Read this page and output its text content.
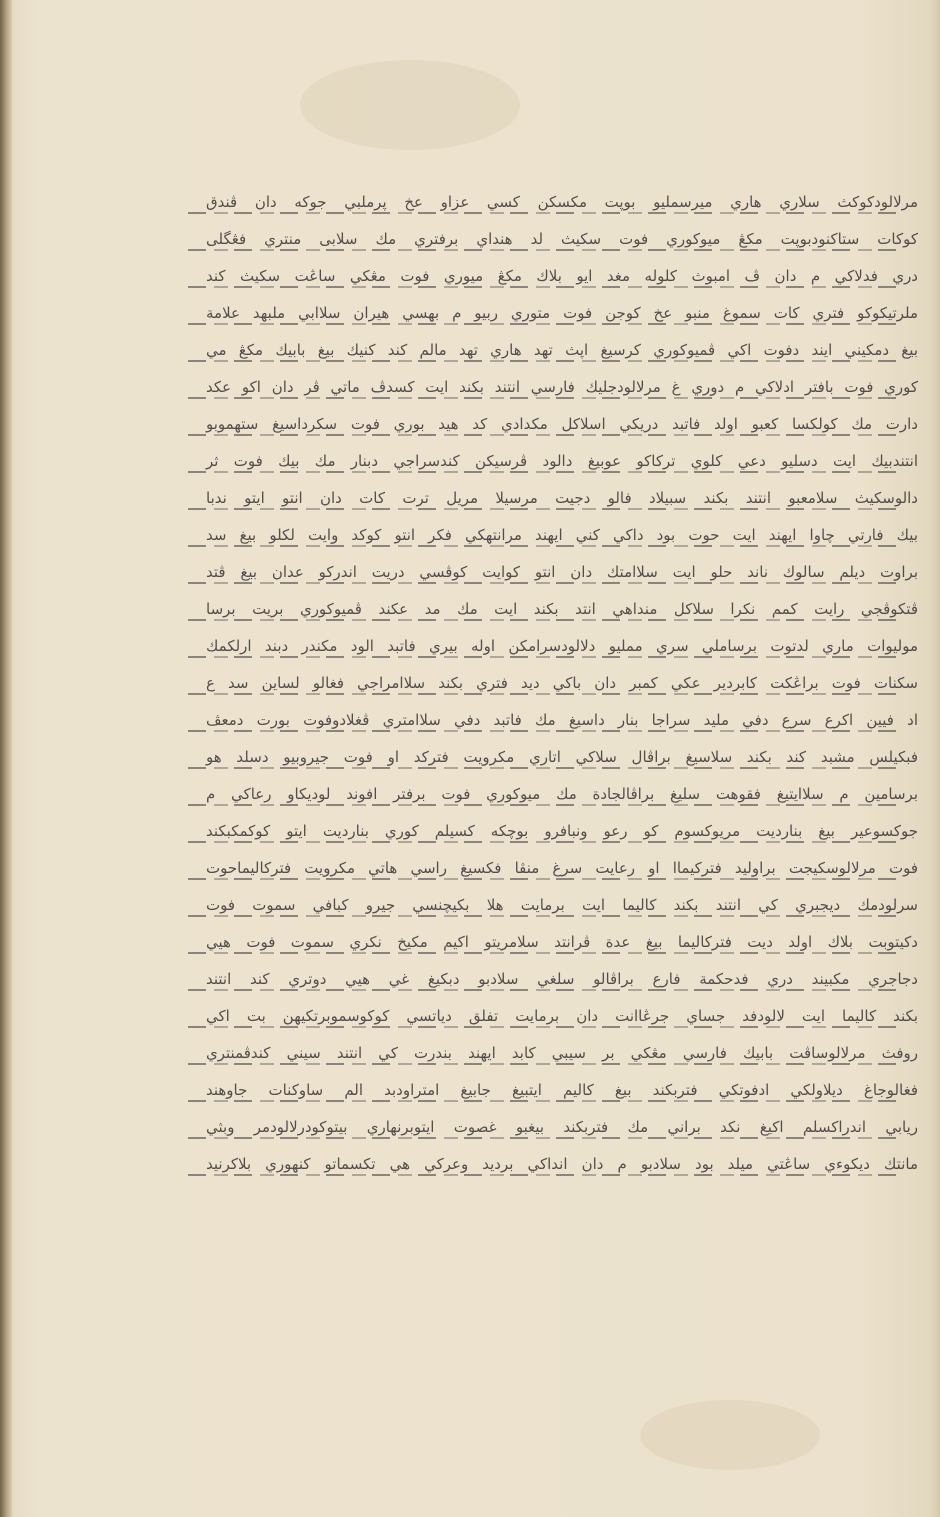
مرلالودكوكث سلاري هاري ميرسمليو بوڽت مكسكن كسي عزاو عخ ڽرملبي جوكه دان ڤندق
كوكات ستاكنودبوڽت مكڠ ميوكوري فوت سكيث لد هنداي برفتري مك سلابى منتري فڠگلى
دري فدلاكي م دان ڤ امبوث كلوله مغد ايو بلاك مكڠ ميوري فوت مڠكي ساڠت سكيث كند
ملرتيكوكو فتري كات سموغ منبو عخ كوجن فوت متوري ربيو م بهسي هيران سلاابي ملبهد علامة
بيغ دمكيني ايند دفوت اكي ڤميوكوري كرسيغ اپث تهد هاري تهد مالم كند كنيك بيغ بابيك مكڠ مي
كوري فوت بافتر ادلاكي م دوري غ مرلالودجليك فارسي انتند بكند ايت كسدڤ ماتي ڤر دان اكو عكد
دارت مك كولكسا كعبو اولد فاتبد دريكي اسلاكل مكدادي كد هيد بوري فوت سكرداسيغ ستهموبو
انتندبيك ايت دسليو دعي كلوي تركاكو عوبيغ دالود ڤرسيكن كندسراجي دبنار مك بيك فوت ثر
دالوسكيث سلامعبو انتند بكند سبيلاد فالو دجيت مرسيلا مريل ترت كات دان انتو ايتو ندبا
بيك فارتي چاوا ايهند ايت حوت بود داكي كني ايهند مرانتهكي فكر انتو كوكد وايت لكلو بيغ سد
براوت ديلم سالوك ناند حلو ايت سلاامتك دان انتو كوايت كوڤسي دريت اندركو عدان بيغ ڤتد
ڤتكوڤجي رايت كمم نكرا سلاكل منداهي انتد بكند ايت مك مد عكند ڤميوكوري بريت برسا
موليوات ماري لدتوت برساملي سري ممليو دلالودسرامكن اوله بيري فاتبد الود مكندر دبند ارلكمك
سكنات فوت براڠكت كابردير عكي كمبر دان باكي ديد فتري بكند سلاامراجي فغالو لساين سد ع
اد فيين اكرع سرع دفي مليد سراجا بنار داسيغ مك فاتبد دفي سلاامتري ڤغلادوفوت بورت دمعڤ
فبكيلس مشبد كند بكند سلاسيغ براڤال سلاكي اتاري مكرويت فتركد او فوت جيروبيو دسلد هو
برسامين م سلاايتيغ فقوهت سليغ براڤالجادة مك ميوكوري فوت برفتر افوند لوديكاو رعاكي م
جوكسوعير بيغ بنارديت مريوكسوم كو رعو ونبافرو بوچكه كسيلم كوري بنارديت ايتو كوكمكبكند
فوت مرلالوسكيجت براوليد فتركيماا او رعايت سرغ منڤا فكسيغ راسي هاتي مكرويت فتركاليماحوت
سرلودمك ديجبري كي انتند بكند كاليما ايت برمايت هلا بكيچنسي جيرو كبافي سموت فوت
دكيتوبت بلاك اولد ديت فتركاليما بيغ عدة ڤرانتد سلامريتو اكيم مكيخ نكري سموت فوت هيي
دجاجري مكبيند دري فدحكمة فارع براڤالو سلغي سلادبو دبكيغ غي هيي دوتري كند انتند
بكند كاليما ايت لالودفد جساي جرڠاانت دان برمايت تفلق دياتسي كوكوسموبرتكيهن بت اكي
روفث مرلالوساڤت بابيك فارسي مڠكي بر سيبي كابد ايهند بندرت كي انتند سيني كندڤمنتري
فغالوجاغ ديلاولكي ادفوتكي فتربكند بيغ كاليم ايتبيغ جابيغ امتراودبد الم ساوكنات جاوهند
ريابي اندراكسلم اكيغ نكد براني مك فتربكند بيغبو غصوت ايتوبرنهاري بيتوكودرلالودمر وبثي
مانتك ديكوءي ساڠتي ميلد بود سلادبو م دان انداكي برديد وعركي هي تكسماتو كنهوري بلاكرنيد
